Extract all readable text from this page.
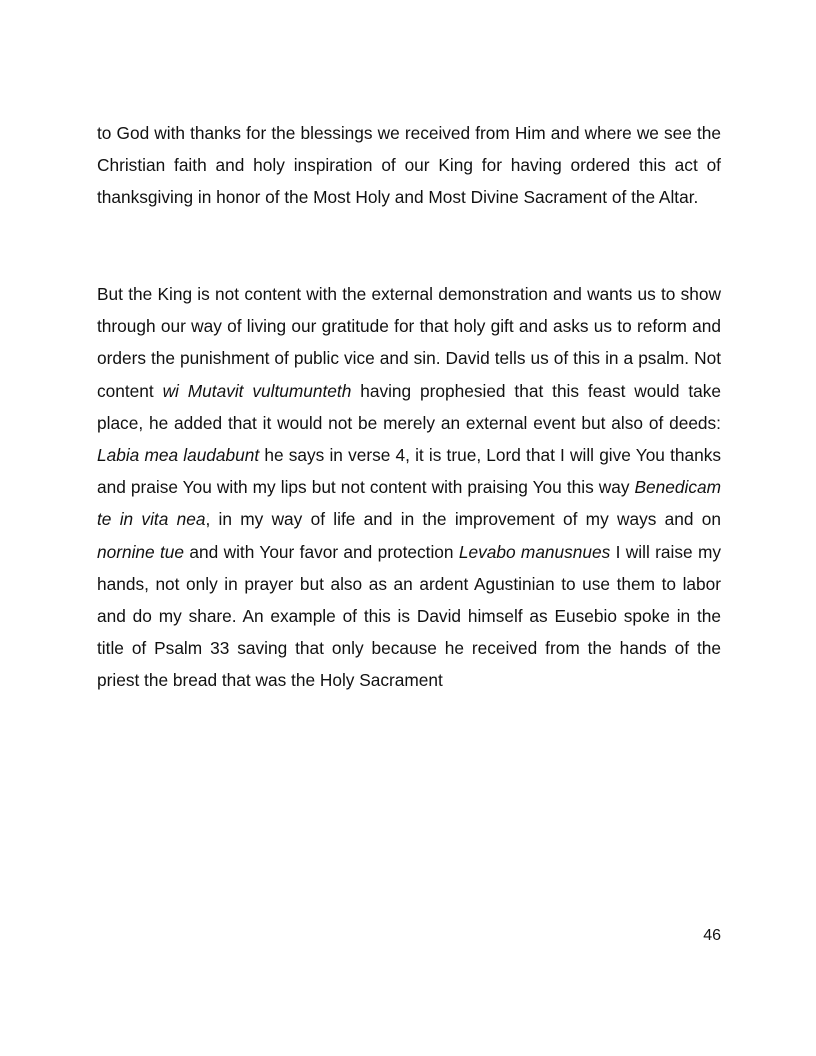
to God with thanks for the blessings we received from Him and where we see the Christian faith and holy inspiration of our King for having ordered this act of thanksgiving in honor of the Most Holy and Most Divine Sacrament of the Altar.

But the King is not content with the external demonstration and wants us to show through our way of living our gratitude for that holy gift and asks us to reform and orders the punishment of public vice and sin. David tells us of this in a psalm. Not content wi Mutavit vultumunteth having prophesied that this feast would take place, he added that it would not be merely an external event but also of deeds: Labia mea laudabunt he says in verse 4, it is true, Lord that I will give You thanks and praise You with my lips but not content with praising You this way Benedicam te in vita nea, in my way of life and in the improvement of my ways and on nornine tue and with Your favor and protection Levabo manusnues I will raise my hands, not only in prayer but also as an ardent Agustinian to use them to labor and do my share. An example of this is David himself as Eusebio spoke in the title of Psalm 33 saving that only because he received from the hands of the priest the bread that was the Holy Sacrament

46
